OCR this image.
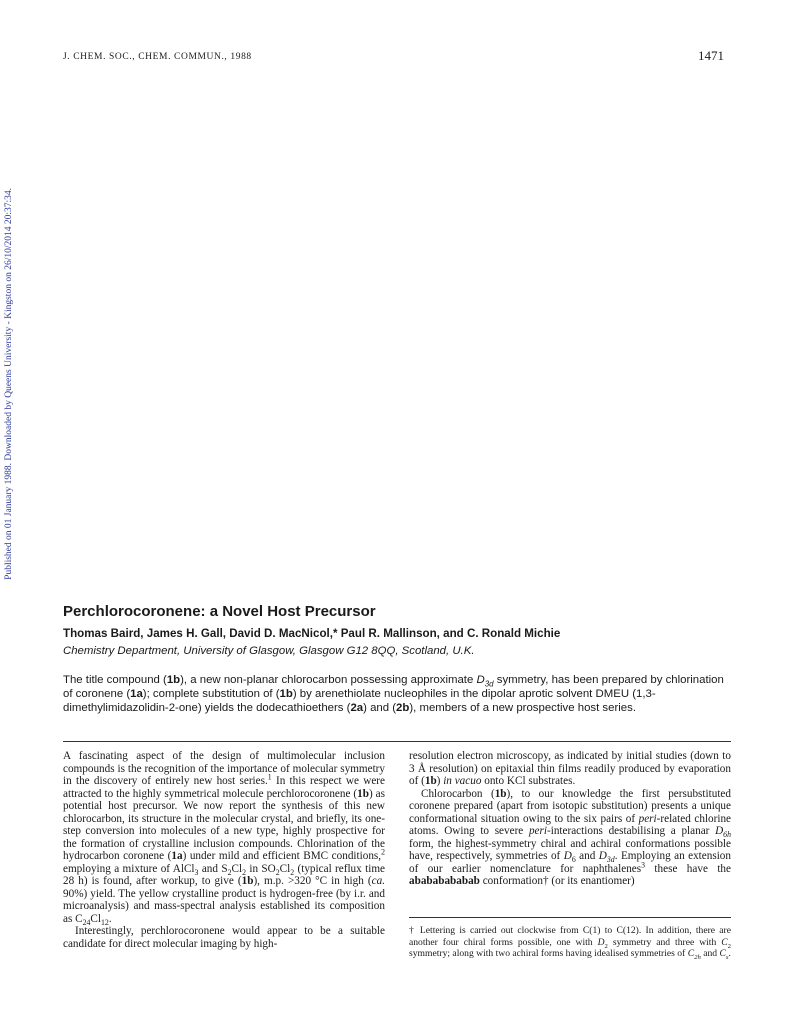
J. CHEM. SOC., CHEM. COMMUN., 1988	1471
Published on 01 January 1988. Downloaded by Queens University - Kingston on 26/10/2014 20:37:34.
Perchlorocoronene: a Novel Host Precursor
Thomas Baird, James H. Gall, David D. MacNicol,* Paul R. Mallinson, and C. Ronald Michie
Chemistry Department, University of Glasgow, Glasgow G12 8QQ, Scotland, U.K.
The title compound (1b), a new non-planar chlorocarbon possessing approximate $D_{3d}$ symmetry, has been prepared by chlorination of coronene (1a); complete substitution of (1b) by arenethiolate nucleophiles in the dipolar aprotic solvent DMEU (1,3-dimethylimidazolidin-2-one) yields the dodecathioethers (2a) and (2b), members of a new prospective host series.

A fascinating aspect of the design of multimolecular inclusion compounds is the recognition of the importance of molecular symmetry in the discovery of entirely new host series.$^1$ In this respect we were attracted to the highly symmetrical molecule perchlorocoronene (1b) as potential host precursor. We now report the synthesis of this new chlorocarbon, its structure in the molecular crystal, and briefly, its one-step conversion into molecules of a new type, highly prospective for the formation of crystalline inclusion compounds. Chlorination of the hydrocarbon coronene (1a) under mild and efficient BMC conditions,$^2$ employing a mixture of AlCl$_3$ and $S_2Cl_2$ in $SO_2Cl_2$ (typical reflux time 28 h) is found, after workup, to give (1b), m.p. >320 °C in high (ca. 90%) yield. The yellow crystalline product is hydrogen-free (by i.r. and microanalysis) and mass-spectral analysis established its composition as $C_{24}Cl_{12}$.

Interestingly, perchlorocoronene would appear to be a suitable candidate for direct molecular imaging by high-

resolution electron microscopy, as indicated by initial studies (down to 3 Å resolution) on epitaxial thin films readily produced by evaporation of (1b) in vacuo onto KCl substrates.

Chlorocarbon (1b), to our knowledge the first persubstituted coronene prepared (apart from isotopic substitution) presents a unique conformational situation owing to the six pairs of peri-related chlorine atoms. Owing to severe peri-interactions destabilising a planar $D_{6h}$ form, the highest-symmetry chiral and achiral conformations possible have, respectively, symmetries of $D_6$ and $D_{3d}$. Employing an extension of our earlier nomenclature for naphthalenes$^3$ these have the abababababab conformation† (or its enantiomer)

† Lettering is carried out clockwise from C(1) to C(12). In addition, there are another four chiral forms possible, one with $D_2$ symmetry and three with $C_2$ symmetry; along with two achiral forms having idealised symmetries of $C_{2h}$ and $C_s$.
